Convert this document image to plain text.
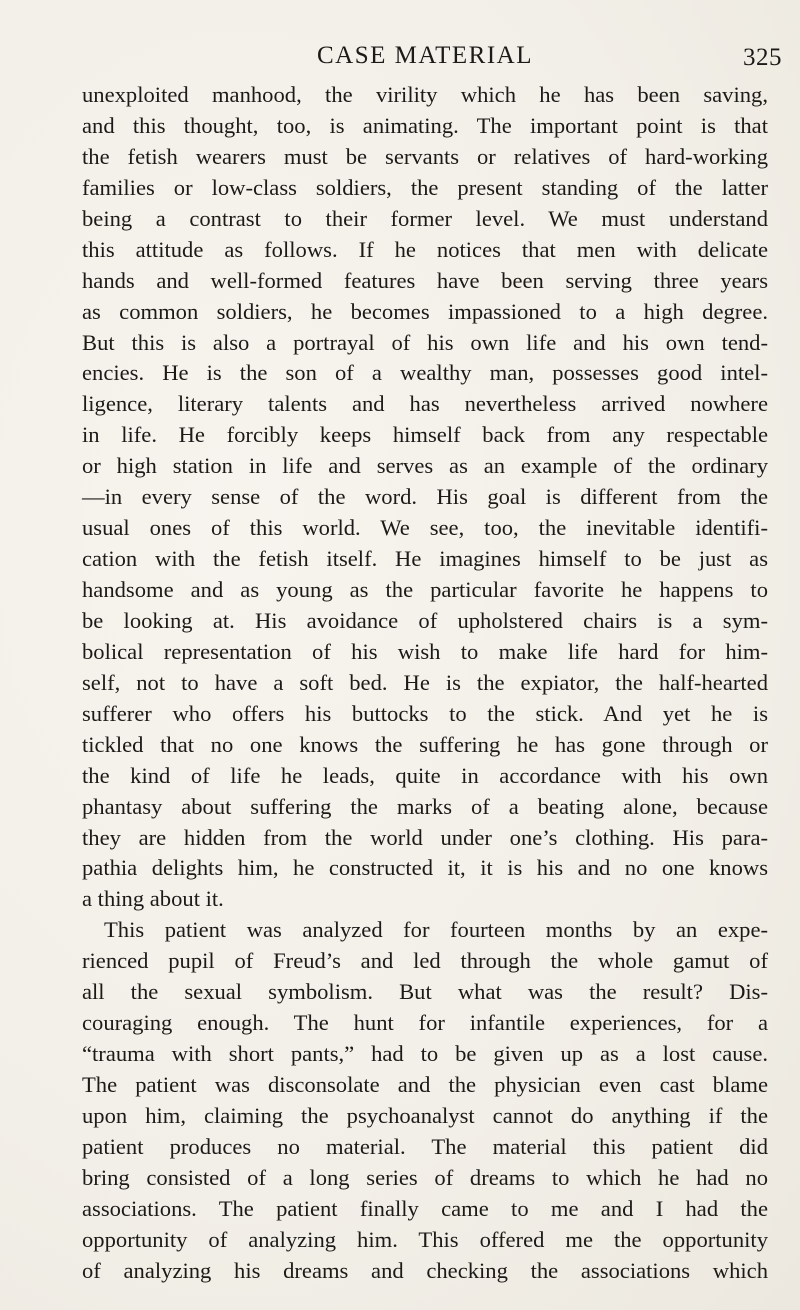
CASE MATERIAL	325
unexploited manhood, the virility which he has been saving,
and this thought, too, is animating. The important point is that
the fetish wearers must be servants or relatives of hard-working
families or low-class soldiers, the present standing of the latter
being a contrast to their former level. We must understand
this attitude as follows. If he notices that men with delicate
hands and well-formed features have been serving three years
as common soldiers, he becomes impassioned to a high degree.
But this is also a portrayal of his own life and his own tend-
encies. He is the son of a wealthy man, possesses good intel-
ligence, literary talents and has nevertheless arrived nowhere
in life. He forcibly keeps himself back from any respectable
or high station in life and serves as an example of the ordinary
—in every sense of the word. His goal is different from the
usual ones of this world. We see, too, the inevitable identifi-
cation with the fetish itself. He imagines himself to be just as
handsome and as young as the particular favorite he happens to
be looking at. His avoidance of upholstered chairs is a sym-
bolical representation of his wish to make life hard for him-
self, not to have a soft bed. He is the expiator, the half-hearted
sufferer who offers his buttocks to the stick. And yet he is
tickled that no one knows the suffering he has gone through or
the kind of life he leads, quite in accordance with his own
phantasy about suffering the marks of a beating alone, because
they are hidden from the world under one’s clothing. His para-
pathia delights him, he constructed it, it is his and no one knows
a thing about it.
This patient was analyzed for fourteen months by an expe-
rienced pupil of Freud’s and led through the whole gamut of
all the sexual symbolism. But what was the result? Dis-
couraging enough. The hunt for infantile experiences, for a
“trauma with short pants,” had to be given up as a lost cause.
The patient was disconsolate and the physician even cast blame
upon him, claiming the psychoanalyst cannot do anything if the
patient produces no material. The material this patient did
bring consisted of a long series of dreams to which he had no
associations. The patient finally came to me and I had the
opportunity of analyzing him. This offered me the opportunity
of analyzing his dreams and checking the associations which
